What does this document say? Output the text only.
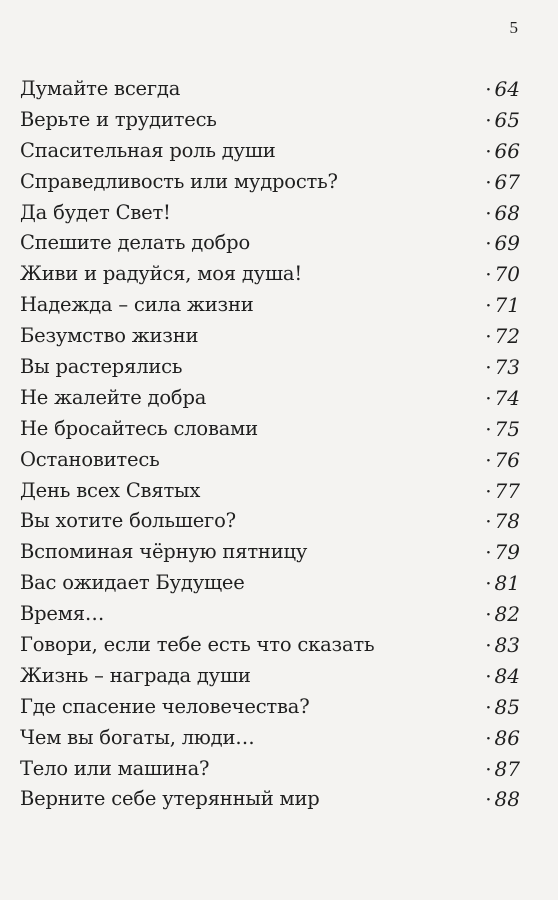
5
Думайте всегда	· 64
Верьте и трудитесь	· 65
Спасительная роль души	· 66
Справедливость или мудрость?	· 67
Да будет Свет!	· 68
Спешите делать добро	· 69
Живи и радуйся, моя душа!	· 70
Надежда – сила жизни	· 71
Безумство жизни	· 72
Вы растерялись	· 73
Не жалейте добра	· 74
Не бросайтесь словами	· 75
Остановитесь	· 76
День всех Святых	· 77
Вы хотите большего?	· 78
Вспоминая чёрную пятницу	· 79
Вас ожидает Будущее	· 81
Время…	· 82
Говори, если тебе есть что сказать	· 83
Жизнь – награда души	· 84
Где спасение человечества?	· 85
Чем вы богаты, люди…	· 86
Тело или машина?	· 87
Верните себе утерянный мир	· 88
